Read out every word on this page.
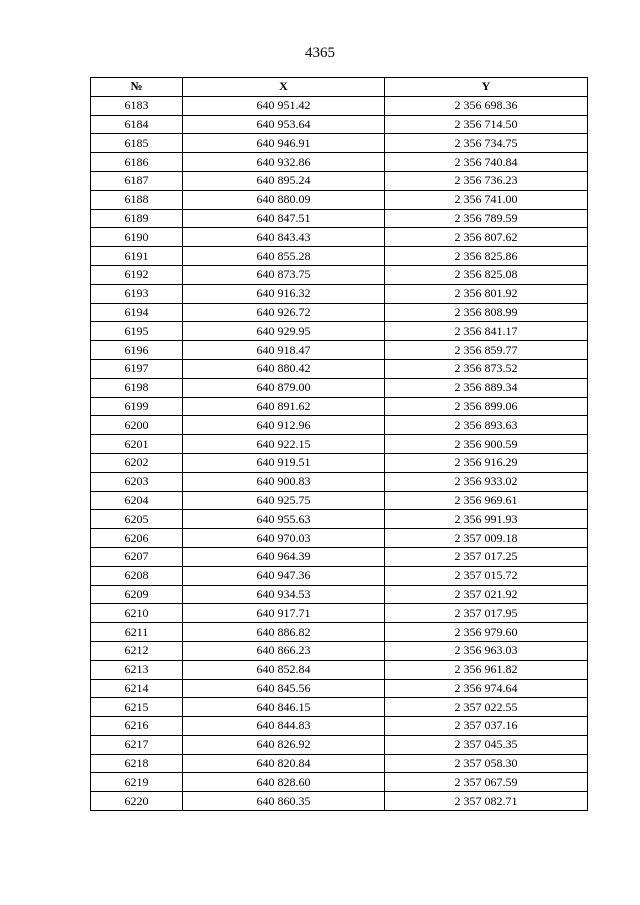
4365
№	X	Y
6183	640 951.42	2 356 698.36
6184	640 953.64	2 356 714.50
6185	640 946.91	2 356 734.75
6186	640 932.86	2 356 740.84
6187	640 895.24	2 356 736.23
6188	640 880.09	2 356 741.00
6189	640 847.51	2 356 789.59
6190	640 843.43	2 356 807.62
6191	640 855.28	2 356 825.86
6192	640 873.75	2 356 825.08
6193	640 916.32	2 356 801.92
6194	640 926.72	2 356 808.99
6195	640 929.95	2 356 841.17
6196	640 918.47	2 356 859.77
6197	640 880.42	2 356 873.52
6198	640 879.00	2 356 889.34
6199	640 891.62	2 356 899.06
6200	640 912.96	2 356 893.63
6201	640 922.15	2 356 900.59
6202	640 919.51	2 356 916.29
6203	640 900.83	2 356 933.02
6204	640 925.75	2 356 969.61
6205	640 955.63	2 356 991.93
6206	640 970.03	2 357 009.18
6207	640 964.39	2 357 017.25
6208	640 947.36	2 357 015.72
6209	640 934.53	2 357 021.92
6210	640 917.71	2 357 017.95
6211	640 886.82	2 356 979.60
6212	640 866.23	2 356 963.03
6213	640 852.84	2 356 961.82
6214	640 845.56	2 356 974.64
6215	640 846.15	2 357 022.55
6216	640 844.83	2 357 037.16
6217	640 826.92	2 357 045.35
6218	640 820.84	2 357 058.30
6219	640 828.60	2 357 067.59
6220	640 860.35	2 357 082.71
